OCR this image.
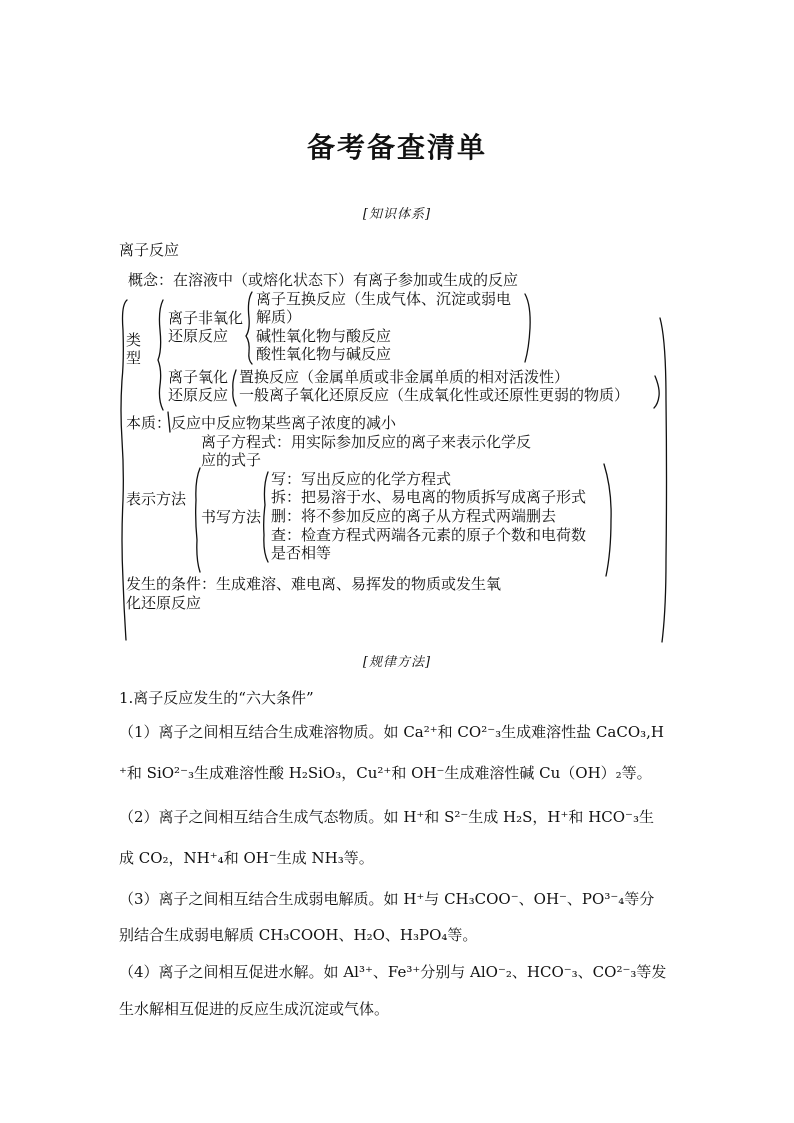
备考备查清单
[知识体系]
离子反应
概念：在溶液中（或熔化状态下）有离子参加或生成的反应
类
型
离子非氧化
还原反应
离子互换反应（生成气体、沉淀或弱电
解质）
碱性氧化物与酸反应
酸性氧化物与碱反应
离子氧化
还原反应
置换反应（金属单质或非金属单质的相对活泼性）
一般离子氧化还原反应（生成氧化性或还原性更弱的物质）
本质：反应中反应物某些离子浓度的减小
离子方程式：用实际参加反应的离子来表示化学反
应的式子
表示方法
书写方法
写：写出反应的化学方程式
拆：把易溶于水、易电离的物质拆写成离子形式
删：将不参加反应的离子从方程式两端删去
查：检查方程式两端各元素的原子个数和电荷数
是否相等
发生的条件：生成难溶、难电离、易挥发的物质或发生氧
化还原反应
[规律方法]
1.离子反应发生的“六大条件”
（1）离子之间相互结合生成难溶物质。如 Ca²⁺和 CO²⁻₃生成难溶性盐 CaCO₃,H
⁺和 SiO²⁻₃生成难溶性酸 H₂SiO₃，Cu²⁺和 OH⁻生成难溶性碱 Cu（OH）₂等。
（2）离子之间相互结合生成气态物质。如 H⁺和 S²⁻生成 H₂S，H⁺和 HCO⁻₃生
成 CO₂，NH⁺₄和 OH⁻生成 NH₃等。
（3）离子之间相互结合生成弱电解质。如 H⁺与 CH₃COO⁻、OH⁻、PO³⁻₄等分
别结合生成弱电解质 CH₃COOH、H₂O、H₃PO₄等。
（4）离子之间相互促进水解。如 Al³⁺、Fe³⁺分别与 AlO⁻₂、HCO⁻₃、CO²⁻₃等发
生水解相互促进的反应生成沉淀或气体。
